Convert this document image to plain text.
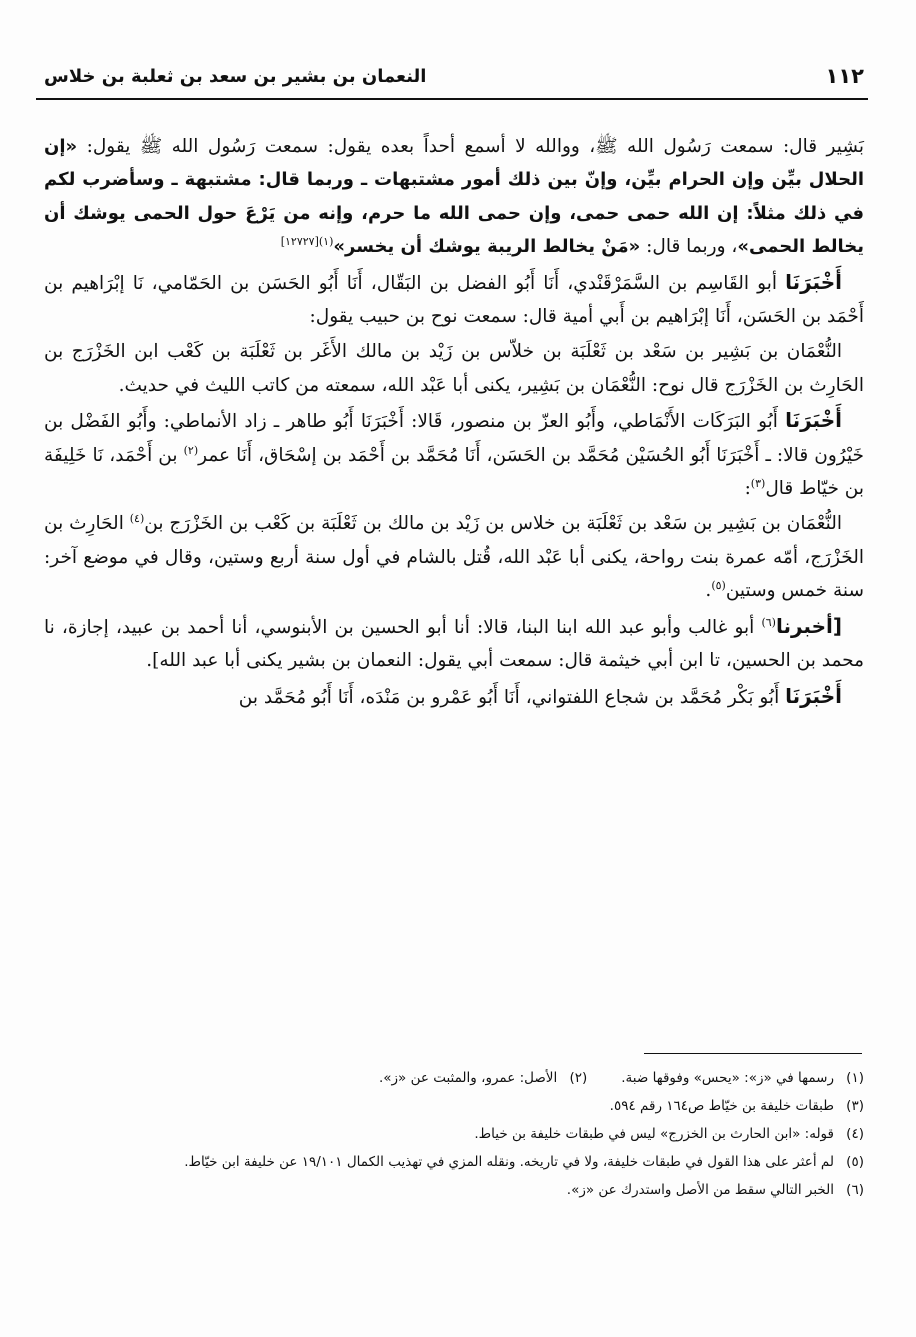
١١٢
النعمان بن بشير بن سعد بن ثعلبة بن خلاس

بَشِير قال: سمعت رَسُول الله ﷺ، ووالله لا أسمع أحداً بعده يقول: سمعت رَسُول الله ﷺ يقول: «إن الحلال بيِّن وإن الحرام بيِّن، وإنّ بين ذلك أمور مشتبهات ـ وربما قال: مشتبهة ـ وسأضرب لكم في ذلك مثلاً: إن الله حمى حمى، وإن حمى الله ما حرم، وإنه من يَرْعَ حول الحمى يوشك أن يخالط الحمى»، وربما قال: «مَنْ يخالط الريبة يوشك أن يخسر»$^{(١)[١٢٧٢٧]}$

أَخْبَرَنَا أبو القَاسِم بن السَّمَرْقَنْدي، أَنَا أَبُو الفضل بن البَقّال، أَنَا أَبُو الحَسَن بن الحَمّامي، نَا إبْرَاهيم بن أَحْمَد بن الحَسَن، أَنَا إبْرَاهيم بن أَبي أمية قال: سمعت نوح بن حبيب يقول:

النُّعْمَان بن بَشِير بن سَعْد بن ثَعْلَبَة بن خلاّس بن زَيْد بن مالك الأَغَر بن ثَعْلَبَة بن كَعْب ابن الخَزْرَج بن الحَارِث بن الخَزْرَج قال نوح: النُّعْمَان بن بَشِير، يكنى أبا عَبْد الله، سمعته من كاتب الليث في حديث.

أَخْبَرَنَا أَبُو البَرَكَات الأَنْمَاطي، وأَبُو العزّ بن منصور، قَالا: أَخْبَرَنَا أَبُو طاهر ـ زاد الأنماطي: وأَبُو الفَضْل بن خَيْرُون قالا: ـ أَخْبَرَنَا أَبُو الحُسَيْن مُحَمَّد بن الحَسَن، أَنَا مُحَمَّد بن أَحْمَد بن إسْحَاق، أَنَا عمر$^{(٢)}$ بن أَحْمَد، نَا خَلِيفَة بن خيّاط قال$^{(٣)}$:

النُّعْمَان بن بَشِير بن سَعْد بن ثَعْلَبَة بن خلاس بن زَيْد بن مالك بن ثَعْلَبَة بن كَعْب بن الخَزْرَج بن$^{(٤)}$ الحَارِث بن الخَزْرَج، أمّه عمرة بنت رواحة، يكنى أبا عَبْد الله، قُتل بالشام في أول سنة أربع وستين، وقال في موضع آخر: سنة خمس وستين$^{(٥)}$.

[أخبرنا$^{(٦)}$ أبو غالب وأبو عبد الله ابنا البنا، قالا: أنا أبو الحسين بن الأبنوسي، أنا أحمد بن عبيد، إجازة، نا محمد بن الحسين، تا ابن أبي خيثمة قال: سمعت أبي يقول: النعمان بن بشير يكنى أبا عبد الله].

أَخْبَرَنَا أَبُو بَكْر مُحَمَّد بن شجاع اللفتواني، أَنَا أَبُو عَمْرو بن مَنْدَه، أَنَا أَبُو مُحَمَّد بن

(١)
رسمها في «ز»: «يحس» وفوقها ضبة.
(٢)
الأصل: عمرو، والمثبت عن «ز».
(٣)
طبقات خليفة بن خيّاط ص١٦٤ رقم ٥٩٤.
(٤)
قوله: «ابن الحارث بن الخزرج» ليس في طبقات خليفة بن خياط.
(٥)
لم أعثر على هذا القول في طبقات خليفة، ولا في تاريخه. ونقله المزي في تهذيب الكمال ١٩/١٠١ عن خليفة ابن خيّاط.
(٦)
الخبر التالي سقط من الأصل واستدرك عن «ز».
